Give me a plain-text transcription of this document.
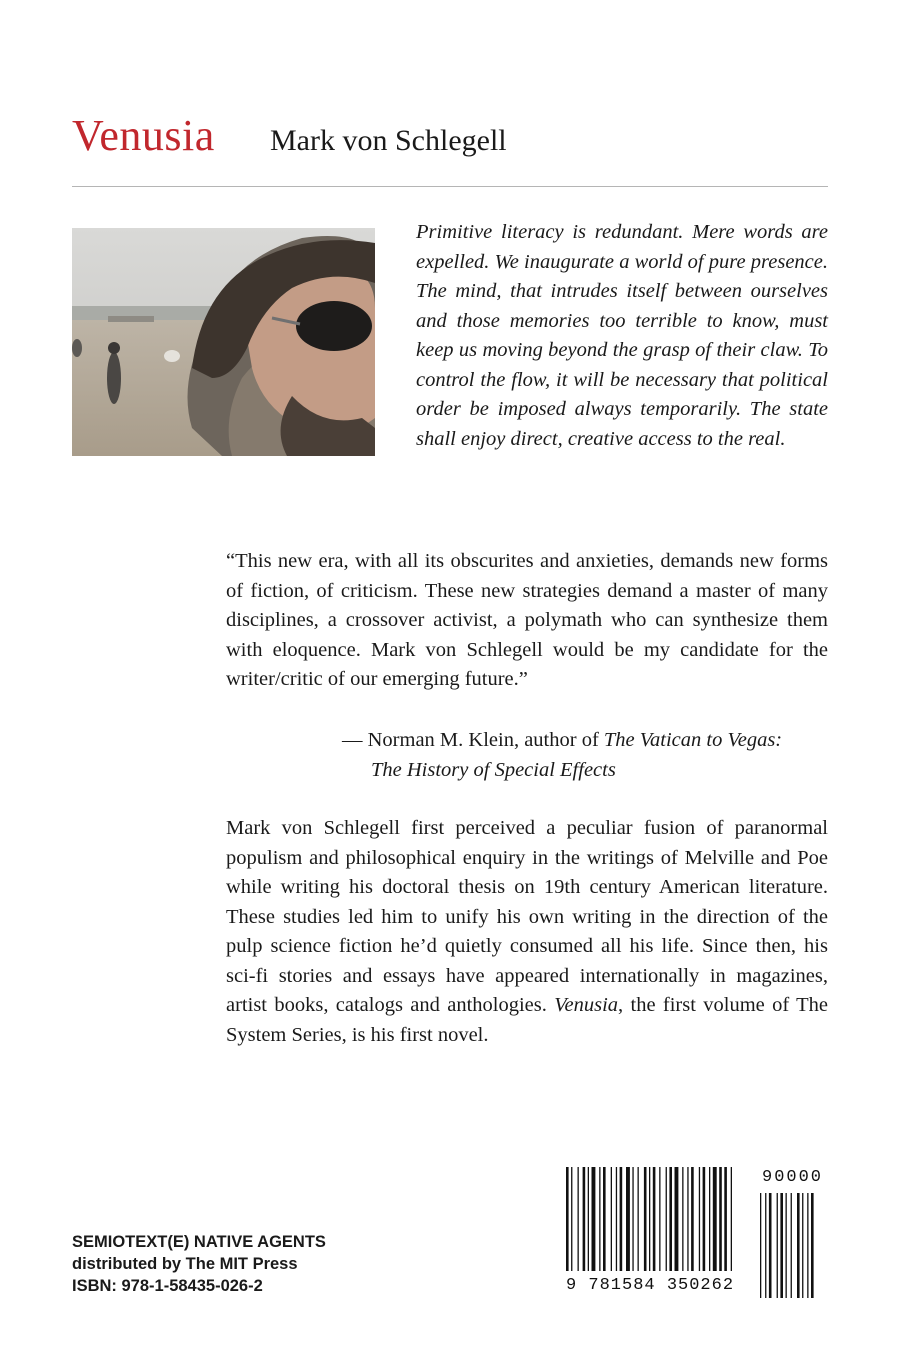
Venusia Mark von Schlegell
Primitive literacy is redundant. Mere words are expelled. We inaugurate a world of pure presence. The mind, that intrudes itself between ourselves and those memories too terrible to know, must keep us moving beyond the grasp of their claw. To control the flow, it will be necessary that political order be imposed always temporarily. The state shall enjoy direct, creative access to the real.
“This new era, with all its obscurites and anxieties, demands new forms of fiction, of criticism. These new strategies demand a master of many disciplines, a crossover activist, a polymath who can synthesize them with eloquence. Mark von Schlegell would be my candidate for the writer/critic of our emerging future.”
— Norman M. Klein, author of The Vatican to Vegas:
The History of Special Effects
Mark von Schlegell first perceived a peculiar fusion of paranormal populism and philosophical enquiry in the writings of Melville and Poe while writing his doctoral thesis on 19th century American literature. These studies led him to unify his own writing in the direction of the pulp science fiction he’d quietly consumed all his life. Since then, his sci-fi stories and essays have appeared internationally in magazines, artist books, catalogs and anthologies. Venusia, the first volume of The System Series, is his first novel.
SEMIOTEXT(E) NATIVE AGENTS
distributed by The MIT Press
ISBN: 978-1-58435-026-2	9 781584 350262
90000
